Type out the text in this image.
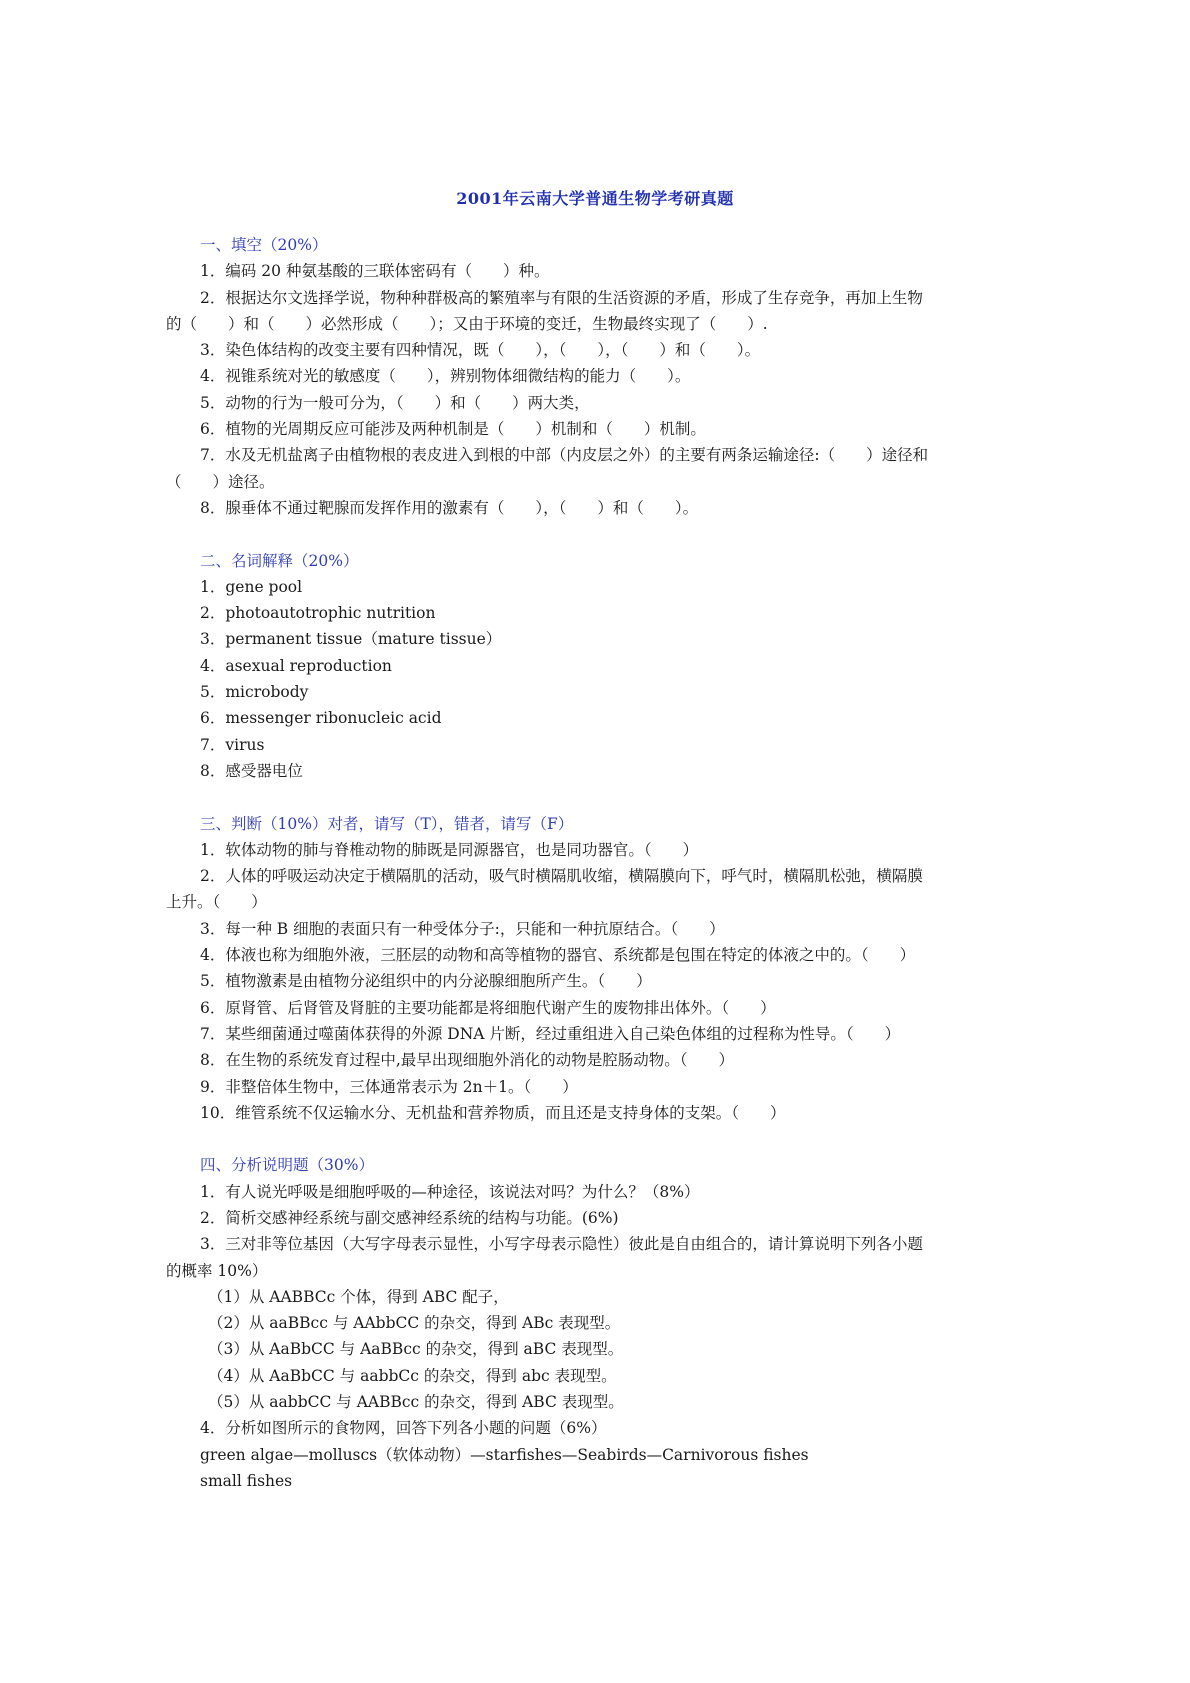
2001年云南大学普通生物学考研真题
一、填空（20%）
1．编码 20 种氨基酸的三联体密码有（　　）种。
2．根据达尔文选择学说，物种种群极高的繁殖率与有限的生活资源的矛盾，形成了生存竞争，再加上生物
的（　　）和（　　）必然形成（　　）；又由于环境的变迁，生物最终实现了（　　）.
3．染色体结构的改变主要有四种情况，既（　　），（　　），（　　）和（　　）。
4．视锥系统对光的敏感度（　　），辨别物体细微结构的能力（　　）。
5．动物的行为一般可分为，（　　）和（　　）两大类，
6．植物的光周期反应可能涉及两种机制是（　　）机制和（　　）机制。
7．水及无机盐离子由植物根的表皮进入到根的中部（内皮层之外）的主要有两条运输途径:（　　）途径和
（　　）途径。
8．腺垂体不通过靶腺而发挥作用的激素有（　　），（　　）和（　　）。
二、名词解释（20%）
1．gene pool
2．photoautotrophic nutrition
3．permanent tissue（mature tissue）
4．asexual reproduction
5．microbody
6．messenger ribonucleic acid
7．virus
8．感受器电位
三、判断（10%）对者，请写（T），错者，请写（F）
1．软体动物的肺与脊椎动物的肺既是同源器官，也是同功器官。（　　）
2．人体的呼吸运动决定于横隔肌的活动，吸气时横隔肌收缩，横隔膜向下，呼气时，横隔肌松弛，横隔膜
上升。（　　）
3．每一种 B 细胞的表面只有一种受体分子:，只能和一种抗原结合。（　　）
4．体液也称为细胞外液，三胚层的动物和高等植物的器官、系统都是包围在特定的体液之中的。（　　）
5．植物激素是由植物分泌组织中的内分泌腺细胞所产生。（　　）
6．原肾管、后肾管及肾脏的主要功能都是将细胞代谢产生的废物排出体外。（　　）
7．某些细菌通过噬菌体获得的外源 DNA 片断，经过重组进入自己染色体组的过程称为性导。（　　）
8．在生物的系统发育过程中,最早出现细胞外消化的动物是腔肠动物。（　　）
9．非整倍体生物中，三体通常表示为 2n＋1。（　　）
10．维管系统不仅运输水分、无机盐和营养物质，而且还是支持身体的支架。（　　）
四、分析说明题（30%）
1．有人说光呼吸是细胞呼吸的—种途径，该说法对吗？为什么？（8%）
2．简析交感神经系统与副交感神经系统的结构与功能。(6%)
3．三对非等位基因（大写字母表示显性，小写字母表示隐性）彼此是自由组合的，请计算说明下列各小题
的概率 10%）
（1）从 AABBCc 个体，得到 ABC 配子，
（2）从 aaBBcc 与 AAbbCC 的杂交，得到 ABc 表现型。
（3）从 AaBbCC 与 AaBBcc 的杂交，得到 aBC 表现型。
（4）从 AaBbCC 与 aabbCc 的杂交，得到 abc 表现型。
（5）从 aabbCC 与 AABBcc 的杂交，得到 ABC 表现型。
4．分析如图所示的食物网，回答下列各小题的问题（6%）
green algae—molluscs（软体动物）—starfishes—Seabirds—Carnivorous fishes
small fishes
